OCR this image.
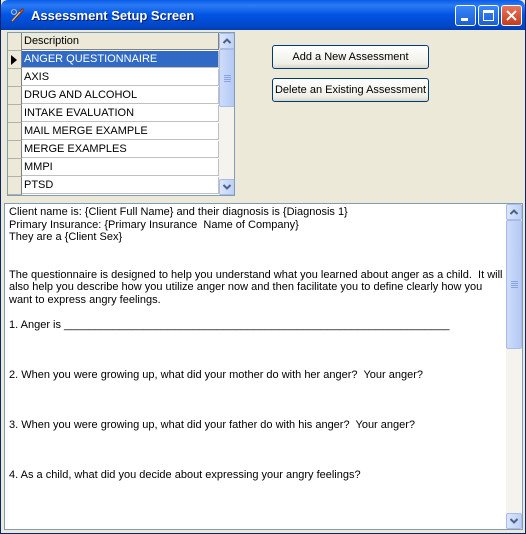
Assessment Setup Screen
Description
ANGER QUESTIONNAIRE
AXIS
DRUG AND ALCOHOL
INTAKE EVALUATION
MAIL MERGE EXAMPLE
MERGE EXAMPLES
MMPI
PTSD
Add a New Assessment
Delete an Existing Assessment
Client name is: {Client Full Name} and their diagnosis is {Diagnosis 1}
Primary Insurance: {Primary Insurance  Name of Company}
They are a {Client Sex}

The questionnaire is designed to help you understand what you learned about anger as a child.  It will also help you describe how you utilize anger now and then facilitate you to define clearly how you want to express angry feelings.

1. Anger is _______________________________________________________________

2. When you were growing up, what did your mother do with her anger?  Your anger?

3. When you were growing up, what did your father do with his anger?  Your anger?

4. As a child, what did you decide about expressing your angry feelings?
